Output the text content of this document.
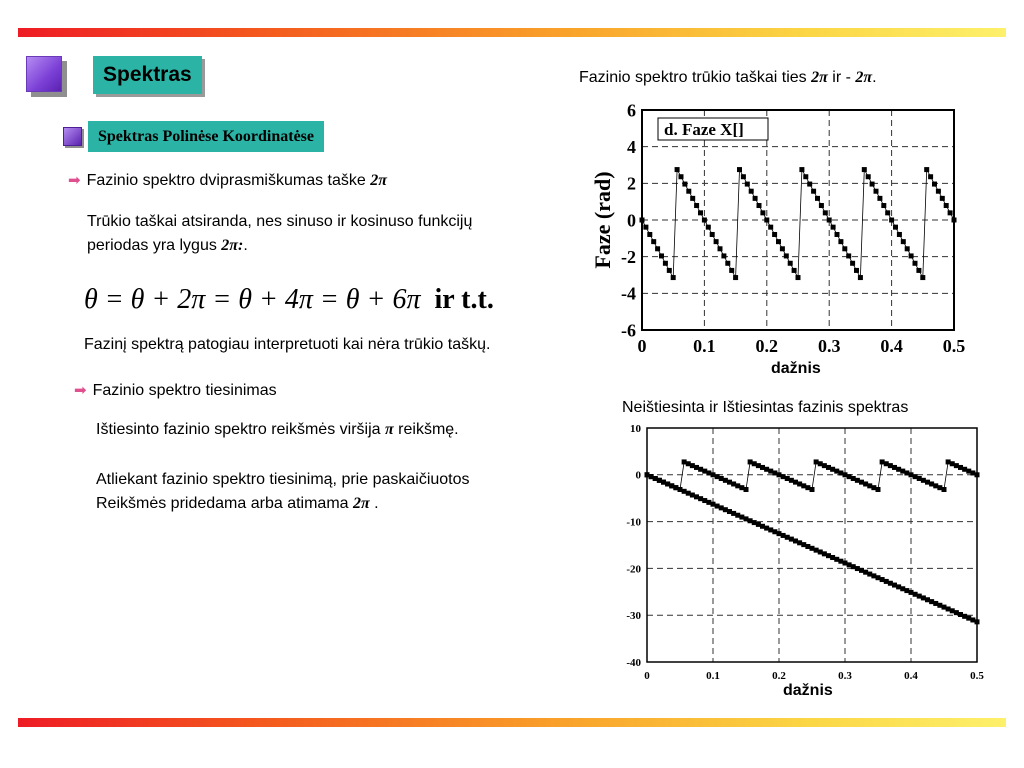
Spektras
Spektras Polinėse Koordinatėse
Fazinio spektro trūkio taškai ties 2π ir - 2π.
➡ Fazinio spektro dviprasmiškumas taške 2π
Trūkio taškai atsiranda, nes sinuso ir kosinuso funkcijų
periodas yra lygus 2π:.
θ = θ + 2π = θ + 4π = θ + 6π ir t.t.
Fazinį spektrą patogiau interpretuoti kai nėra trūkio taškų.
➡ Fazinio spektro tiesinimas
Ištiesinto fazinio spektro reikšmės viršija π reikšmę.
Atliekant fazinio spektro tiesinimą, prie paskaičiuotos
Reikšmės pridedama arba atimama 2π .
0	0.1 0.2 0.3 0.4 0.5
6
4
2
0
-2
-4
-6
Faze (rad)
d. Faze X[]
dažnis
Neištiesinta ir Ištiesintas fazinis spektras
0	0.1	0.2	0.3	0.4	0.5
10
0
-10
-20
-30
-40
dažnis
